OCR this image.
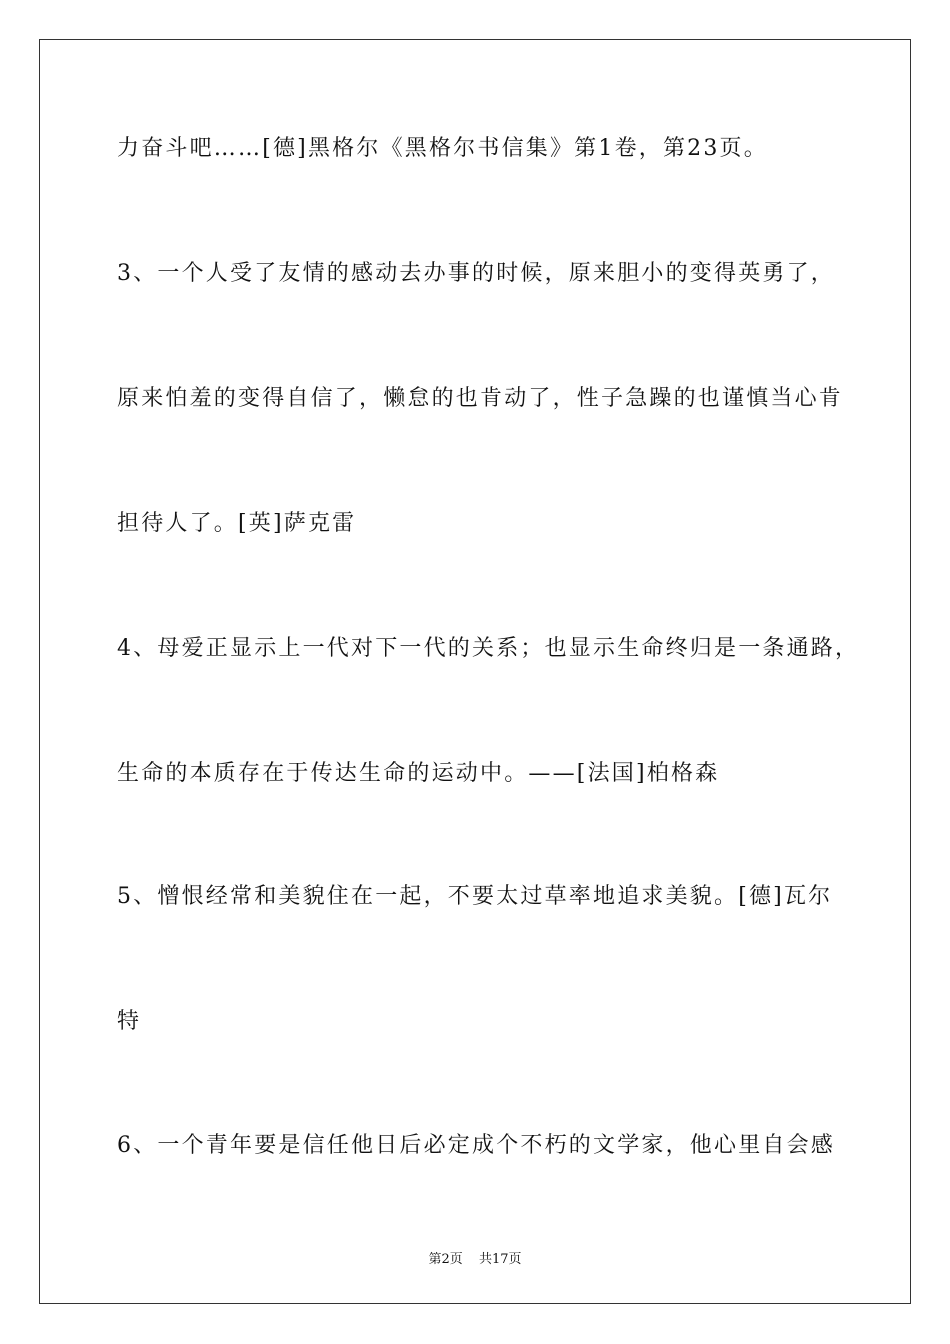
力奋斗吧……[德]黑格尔《黑格尔书信集》第1卷，第23页。
3、一个人受了友情的感动去办事的时候，原来胆小的变得英勇了，
原来怕羞的变得自信了，懒怠的也肯动了，性子急躁的也谨慎当心肯
担待人了。[英]萨克雷
4、母爱正显示上一代对下一代的关系；也显示生命终归是一条通路，
生命的本质存在于传达生命的运动中。——[法国]柏格森
5、憎恨经常和美貌住在一起，不要太过草率地追求美貌。[德]瓦尔
特
6、一个青年要是信任他日后必定成个不朽的文学家，他心里自会感
第2页 共17页
